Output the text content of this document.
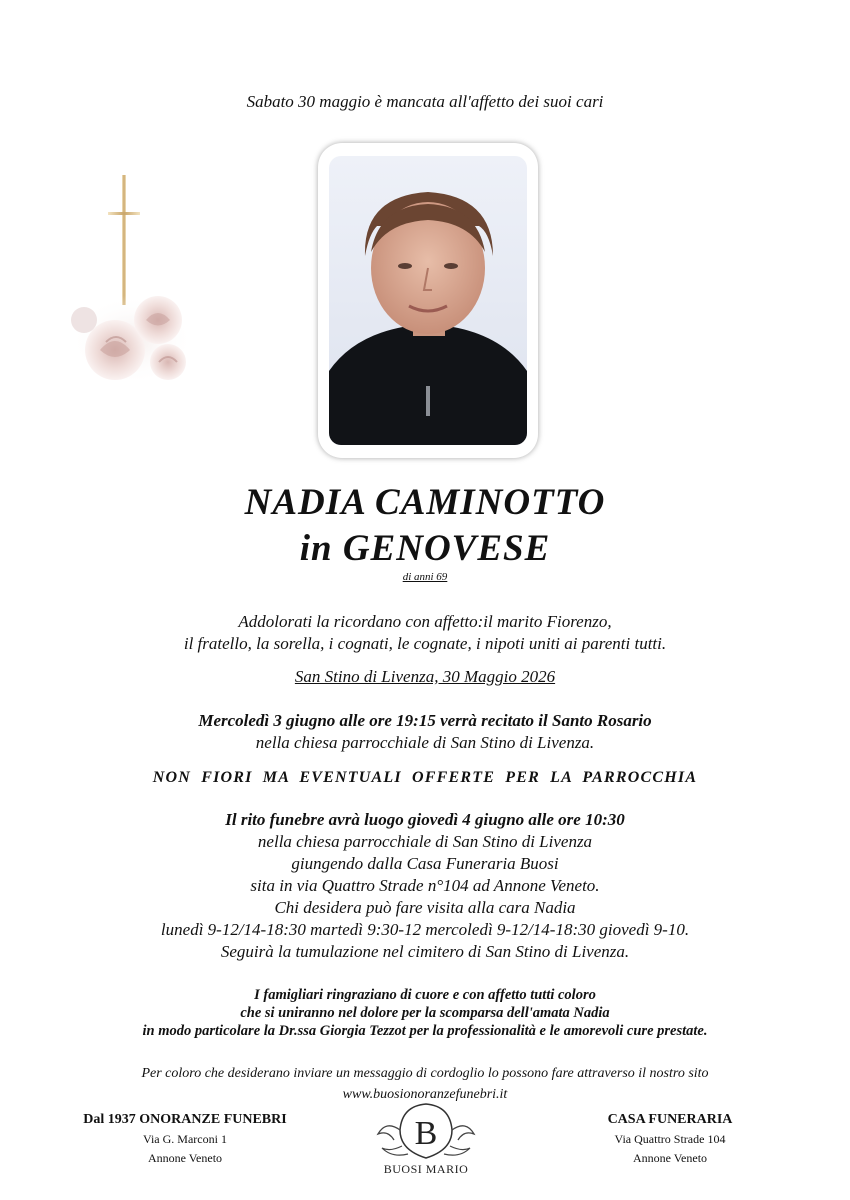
Sabato 30 maggio è mancata all'affetto dei suoi cari
NADIA CAMINOTTO
in GENOVESE
di anni 69
Addolorati la ricordano con affetto:il marito Fiorenzo,
il fratello, la sorella, i cognati, le cognate, i nipoti uniti ai parenti tutti.
San Stino di Livenza, 30 Maggio 2026
Mercoledì 3 giugno alle ore 19:15 verrà recitato il Santo Rosario
nella chiesa parrocchiale di San Stino di Livenza.
NON FIORI MA EVENTUALI OFFERTE PER LA PARROCCHIA
Il rito funebre avrà luogo giovedì 4 giugno alle ore 10:30
nella chiesa parrocchiale di San Stino di Livenza
giungendo dalla Casa Funeraria Buosi
sita in via Quattro Strade n°104 ad Annone Veneto.
Chi desidera può fare visita alla cara Nadia
lunedì 9-12/14-18:30 martedì 9:30-12 mercoledì 9-12/14-18:30 giovedì 9-10.
Seguirà la tumulazione nel cimitero di San Stino di Livenza.
I famigliari ringraziano di cuore e con affetto tutti coloro
che si uniranno nel dolore per la scomparsa dell'amata Nadia
in modo particolare la Dr.ssa Giorgia Tezzot per la professionalità e le amorevoli cure prestate.
Per coloro che desiderano inviare un messaggio di cordoglio lo possono fare attraverso il nostro sito
www.buosionoranzefunebri.it
Dal 1937 ONORANZE FUNEBRI
Via G. Marconi 1
Annone Veneto
B
BUOSI MARIO
CASA FUNERARIA
Via Quattro Strade 104
Annone Veneto
